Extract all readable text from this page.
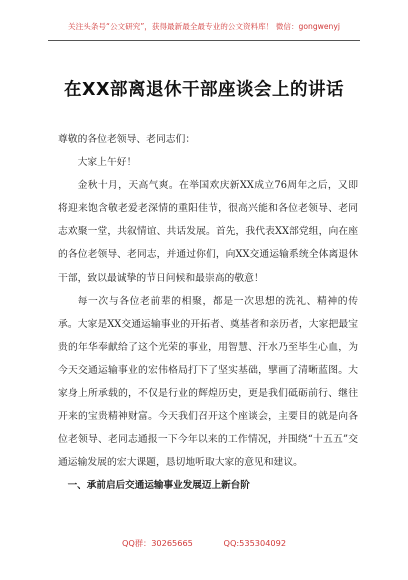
关注头条号“公文研究”，获得最新最全最专业的公文资料库！ 微信：gongwenyj
在XX部离退休干部座谈会上的讲话

尊敬的各位老领导、老同志们：

大家上午好！

金秋十月，天高气爽。在举国欢庆新XX成立76周年之后，又即将迎来饱含敬老爱老深情的重阳佳节，很高兴能和各位老领导、老同志欢聚一堂，共叙情谊、共话发展。首先，我代表XX部党组，向在座的各位老领导、老同志，并通过你们，向XX交通运输系统全体离退休干部，致以最诚挚的节日问候和最崇高的敬意！

每一次与各位老前辈的相聚，都是一次思想的洗礼、精神的传承。大家是XX交通运输事业的开拓者、奠基者和亲历者，大家把最宝贵的年华奉献给了这个光荣的事业，用智慧、汗水乃至毕生心血，为今天交通运输事业的宏伟格局打下了坚实基础，擘画了清晰蓝图。大家身上所承载的，不仅是行业的辉煌历史，更是我们砥砺前行、继往开来的宝贵精神财富。今天我们召开这个座谈会，主要目的就是向各位老领导、老同志通报一下今年以来的工作情况，并围绕“十五五”交通运输发展的宏大课题，恳切地听取大家的意见和建议。

一、承前启后交通运输事业发展迈上新台阶

QQ群：30265665	QQ:535304092
